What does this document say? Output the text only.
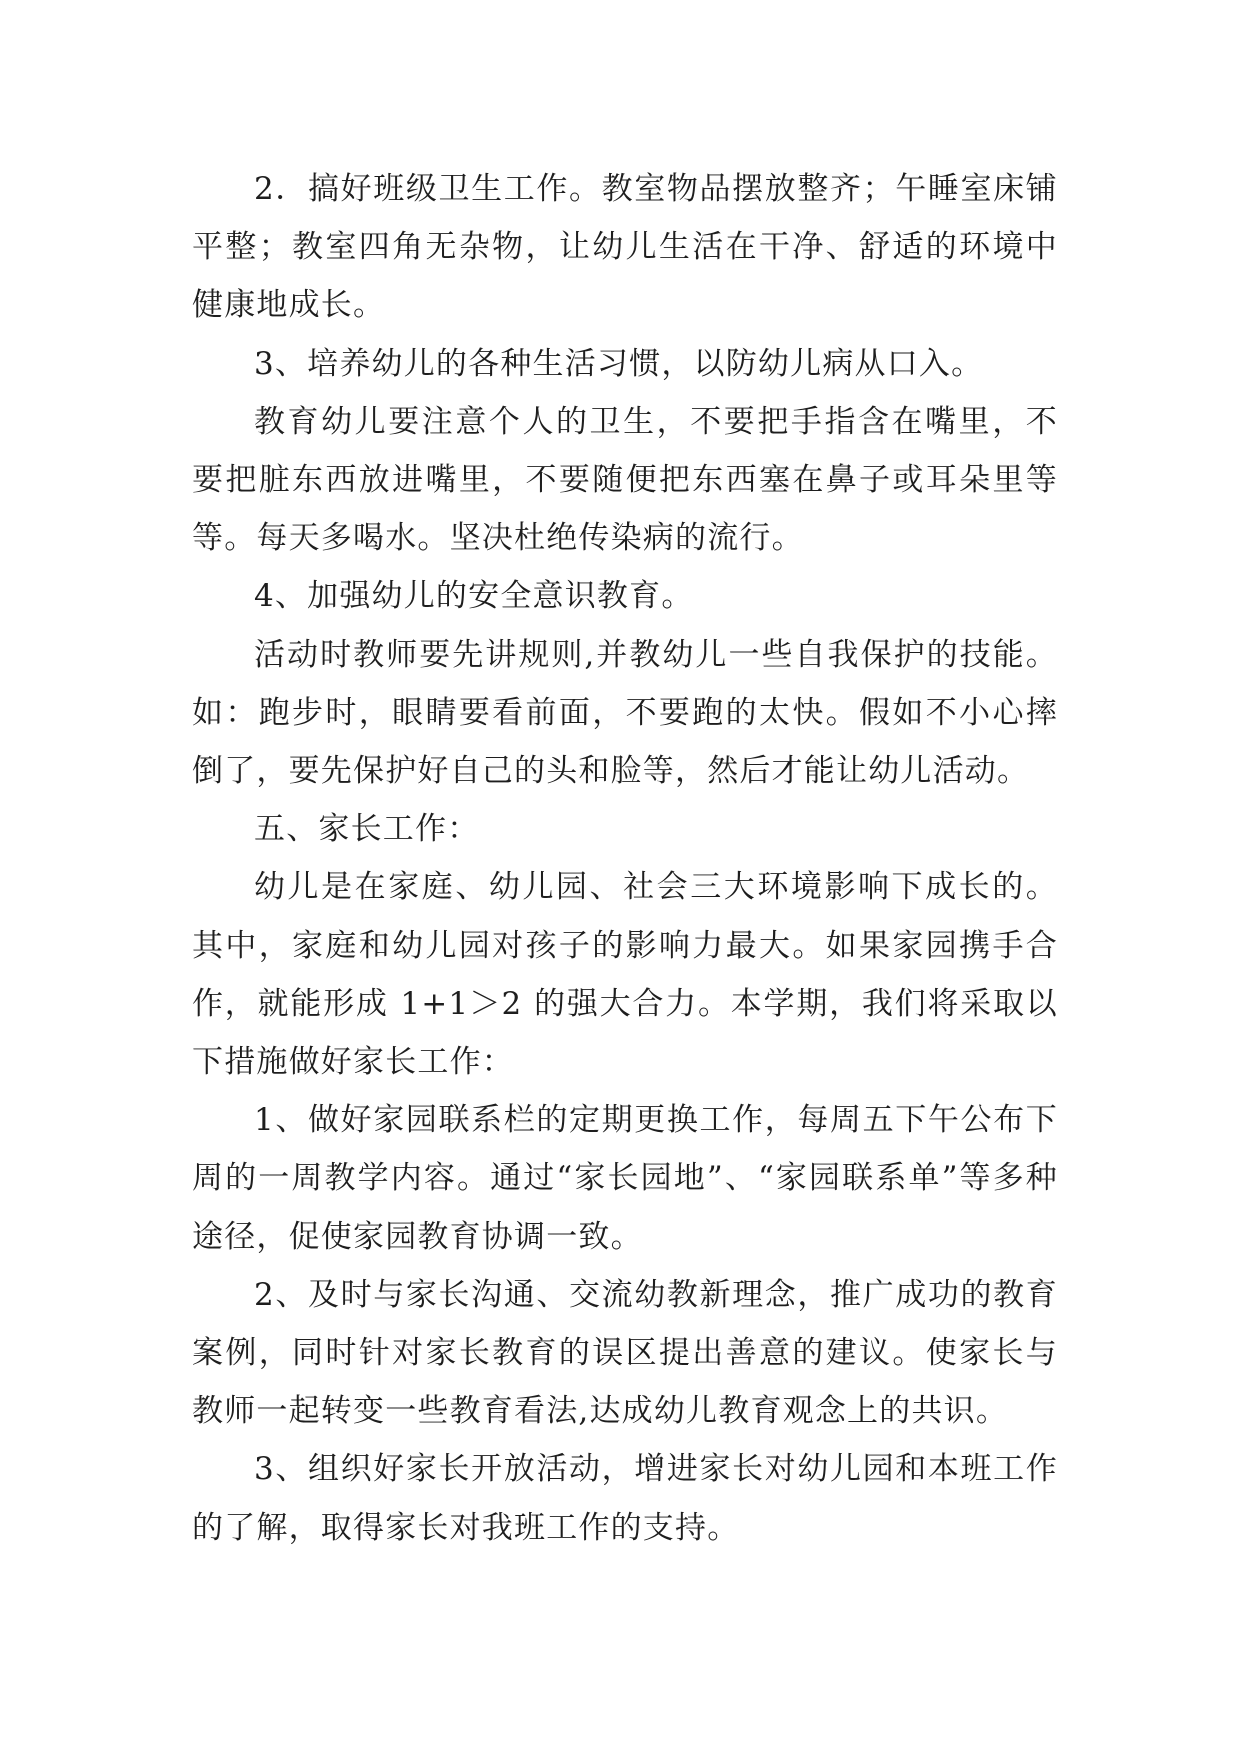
2．搞好班级卫生工作。教室物品摆放整齐；午睡室床铺平整；教室四角无杂物，让幼儿生活在干净、舒适的环境中健康地成长。

3、培养幼儿的各种生活习惯，以防幼儿病从口入。

教育幼儿要注意个人的卫生，不要把手指含在嘴里，不要把脏东西放进嘴里，不要随便把东西塞在鼻子或耳朵里等等。每天多喝水。坚决杜绝传染病的流行。

4、加强幼儿的安全意识教育。

活动时教师要先讲规则,并教幼儿一些自我保护的技能。如：跑步时，眼睛要看前面，不要跑的太快。假如不小心摔倒了，要先保护好自己的头和脸等，然后才能让幼儿活动。

五、家长工作：

幼儿是在家庭、幼儿园、社会三大环境影响下成长的。其中，家庭和幼儿园对孩子的影响力最大。如果家园携手合作，就能形成 1+1＞2 的强大合力。本学期，我们将采取以下措施做好家长工作：

1、做好家园联系栏的定期更换工作，每周五下午公布下周的一周教学内容。通过“家长园地”、“家园联系单”等多种途径，促使家园教育协调一致。

2、及时与家长沟通、交流幼教新理念，推广成功的教育案例，同时针对家长教育的误区提出善意的建议。使家长与教师一起转变一些教育看法,达成幼儿教育观念上的共识。

3、组织好家长开放活动，增进家长对幼儿园和本班工作的了解，取得家长对我班工作的支持。
